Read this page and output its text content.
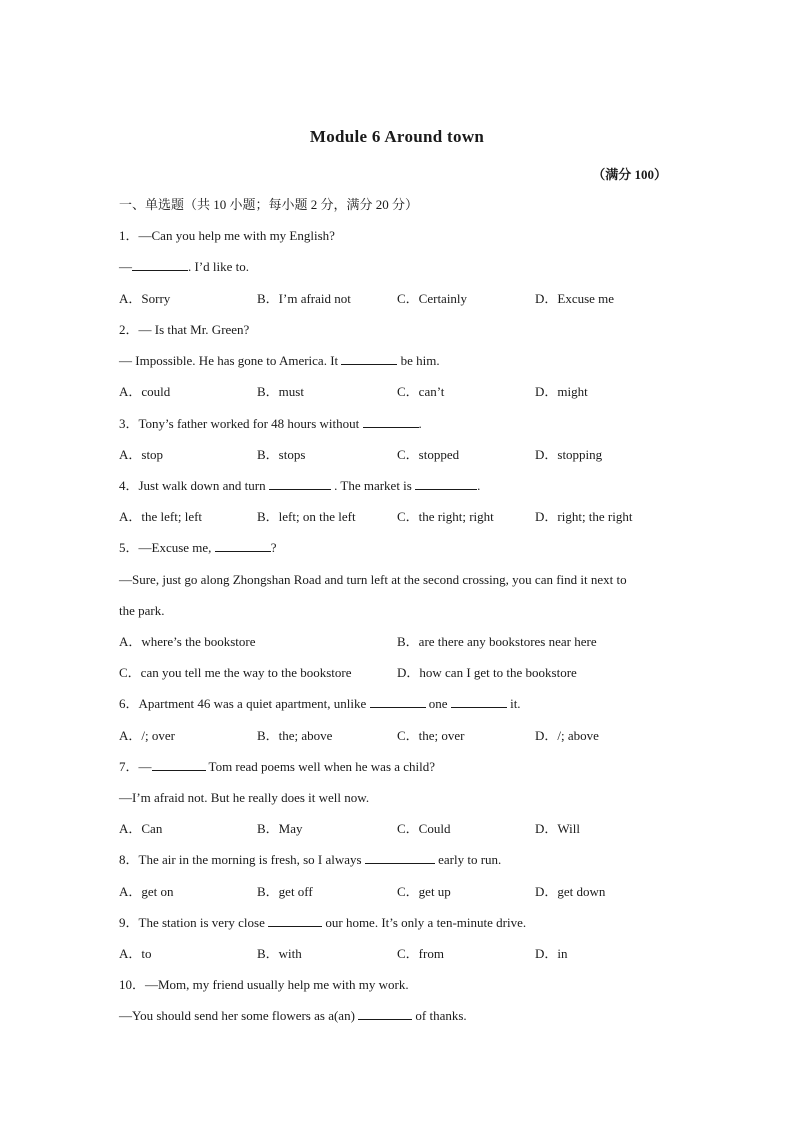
Module 6 Around town
（满分 100）
一、单选题（共 10 小题；每小题 2 分，满分 20 分）
1．—Can you help me with my English?
—	. I’d like to.
A．Sorry	B．I’m afraid not	C．Certainly	D．Excuse me
2．— Is that Mr. Green?
— Impossible. He has gone to America. It	be him.
A．could	B．must	C．can’t	D．might
3．Tony’s father worked for 48 hours without	.
A．stop	B．stops	C．stopped	D．stopping
4．Just walk down and turn	. The market is	.
A．the left; left	B．left; on the left	C．the right; right	D．right; the right
5．—Excuse me,	?
—Sure, just go along Zhongshan Road and turn left at the second crossing, you can find it next to
the park.
A．where’s the bookstore	B．are there any bookstores near here
C．can you tell me the way to the bookstore	D．how can I get to the bookstore
6．Apartment 46 was a quiet apartment, unlike	one	it.
A．/; over	B．the; above	C．the; over	D．/; above
7．—	Tom read poems well when he was a child?
—I’m afraid not. But he really does it well now.
A．Can	B．May	C．Could	D．Will
8．The air in the morning is fresh, so I always	early to run.
A．get on	B．get off	C．get up	D．get down
9．The station is very close	our home. It’s only a ten-minute drive.
A．to	B．with	C．from	D．in
10．—Mom, my friend usually help me with my work.
—You should send her some flowers as a(an)	of thanks.
